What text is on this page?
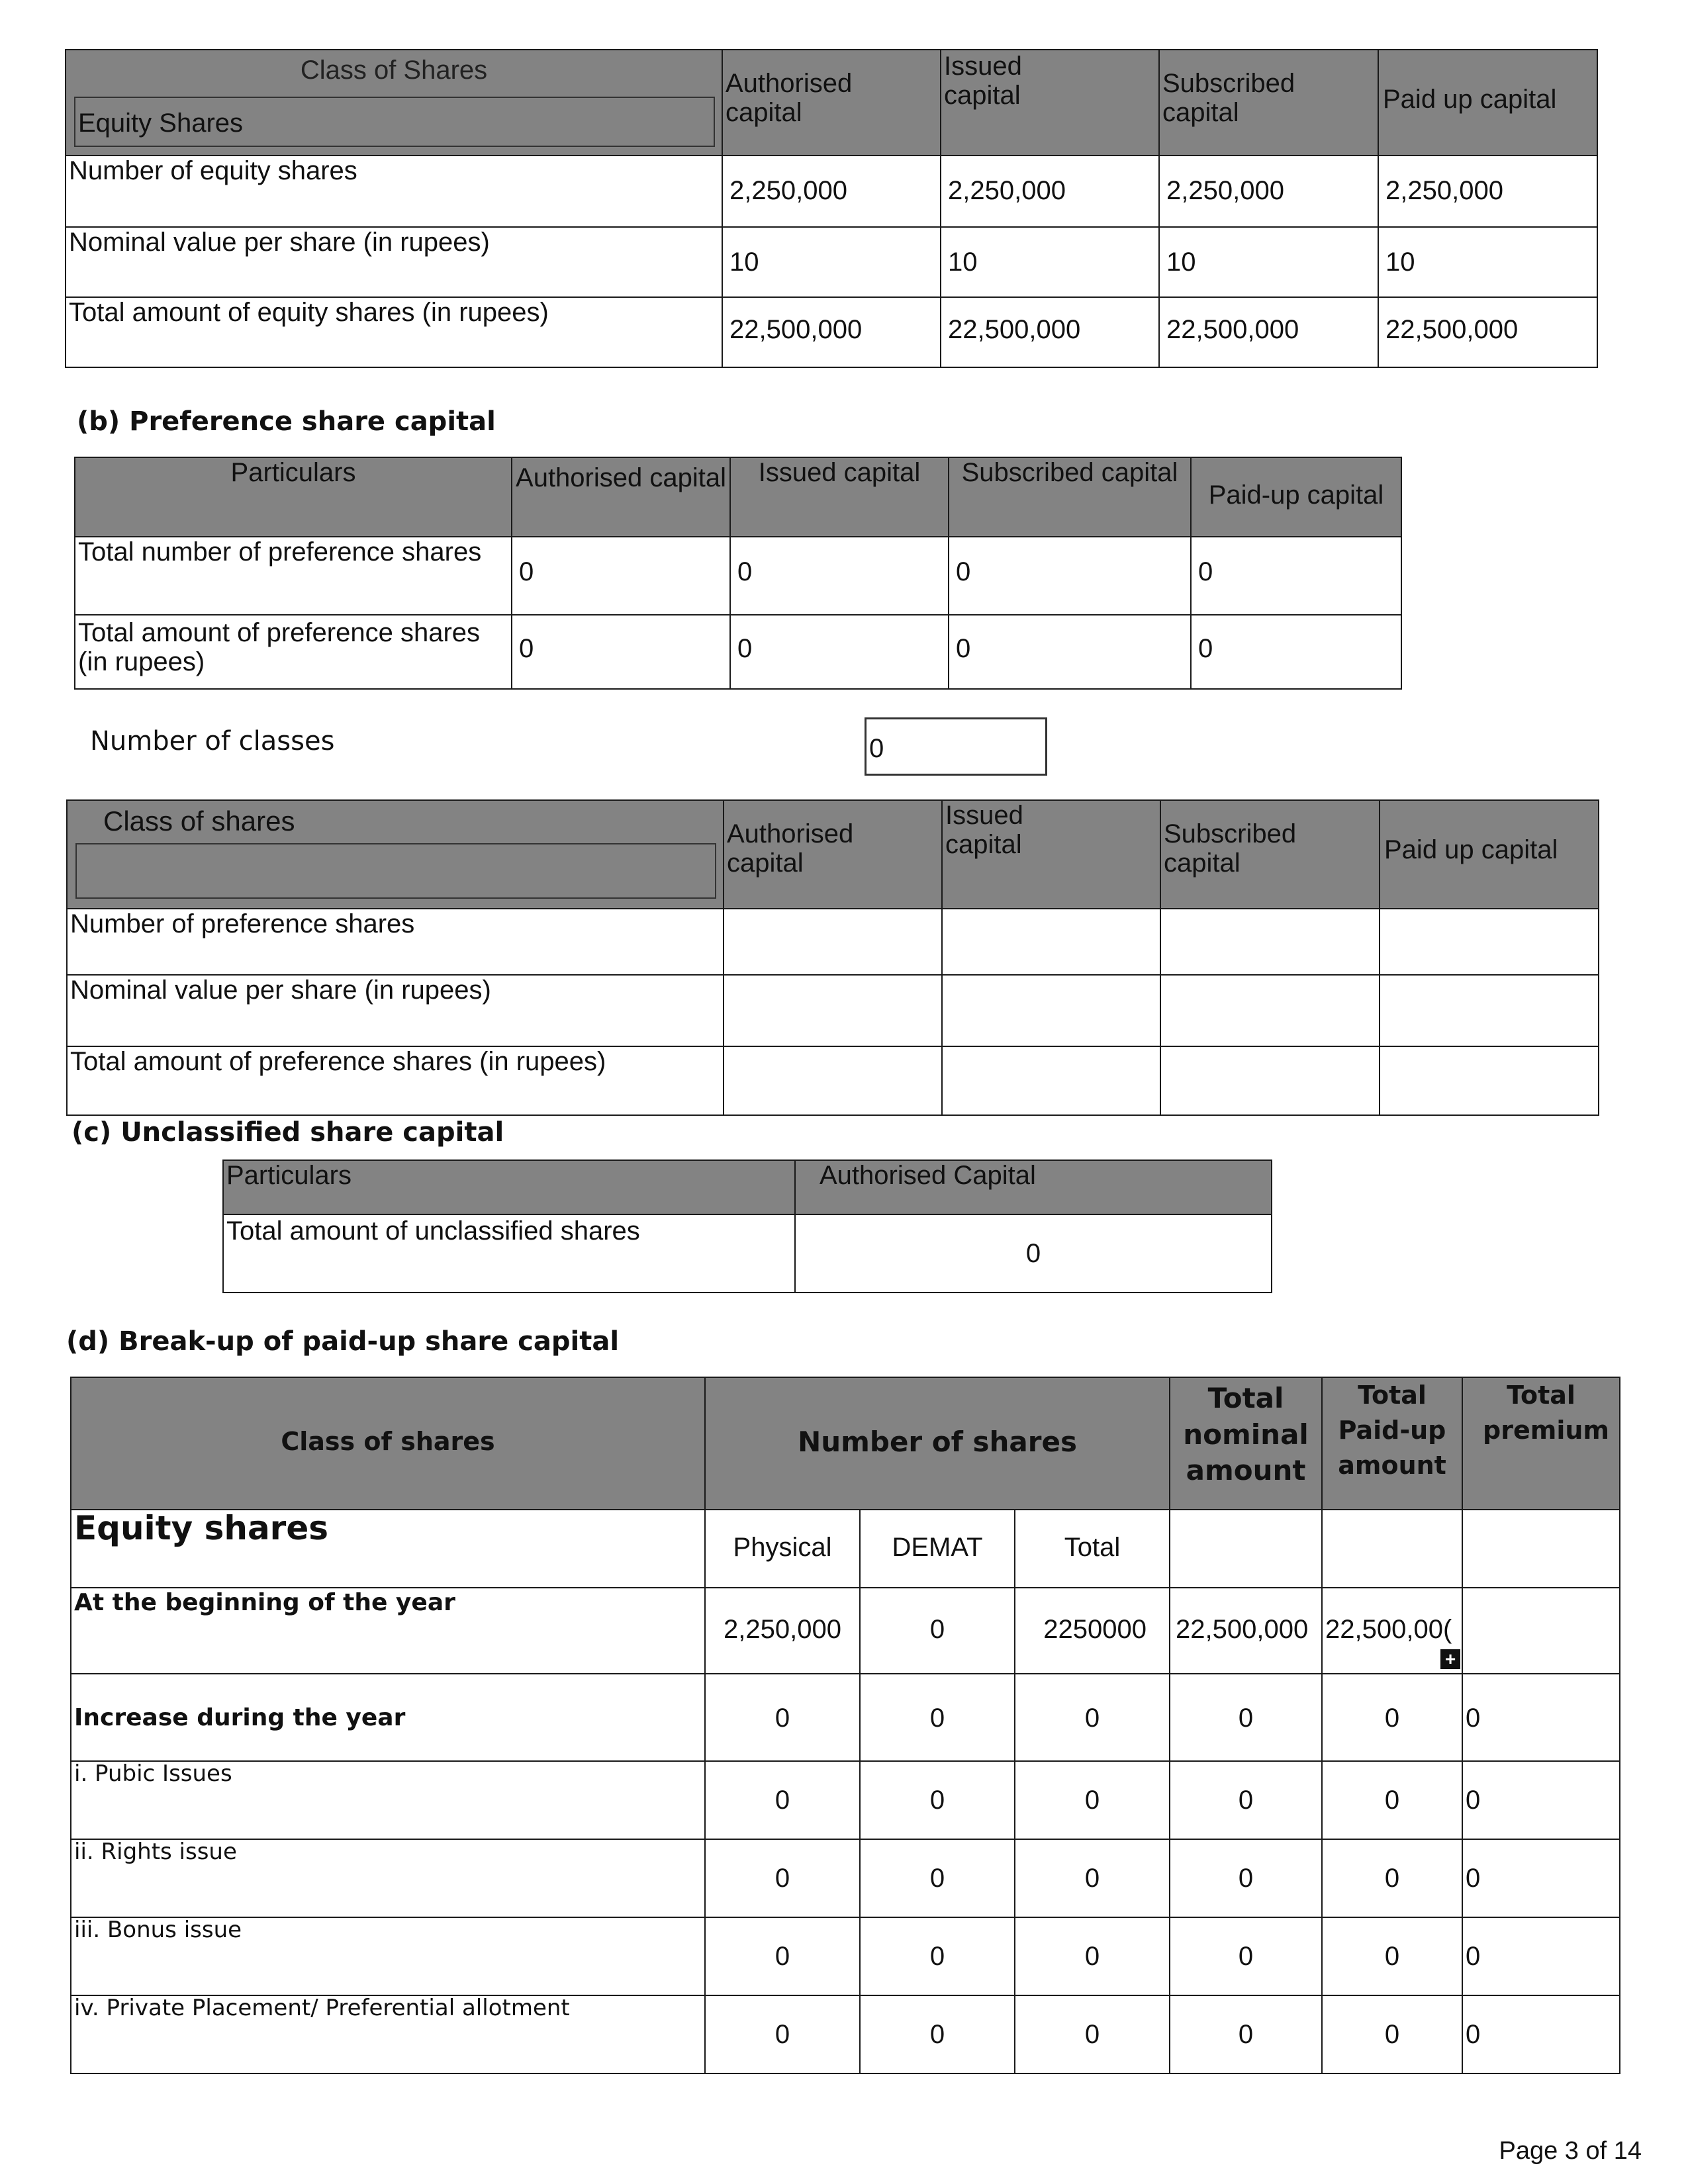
Class of Shares
Equity Shares	Authorised capital	Issued capital	Subscribed capital	Paid up capital

Number of equity shares	2,250,000	2,250,000	2,250,000	2,250,000

Nominal value per share (in rupees)	10	10	10	10

Total amount of equity shares (in rupees)	22,500,000	22,500,000	22,500,000	22,500,000
(b) Preference share capital
Particulars	Authorised capital	Issued capital	Subscribed capital	Paid-up capital

Total number of preference shares	0	0	0	0

Total amount of preference shares (in rupees)	0	0	0	0
Number of classes	0
Class of shares	Authorised capital	Issued capital	Subscribed capital	Paid up capital

Number of preference shares				

Nominal value per share (in rupees)				

Total amount of preference shares (in rupees)				

(c) Unclassified share capital
Particulars	Authorised Capital

Total amount of unclassified shares	0
(d) Break-up of paid-up share capital
Class of shares	Number of shares			Total nominal amount	Total Paid-up amount	Total premium

Equity shares	Physical	DEMAT	Total			

At the beginning of the year	2,250,000	0	2250000	22,500,000	22,500,00(
+	

Increase during the year	0	0	0	0	0	0

i. Pubic Issues	0	0	0	0	0	0

ii. Rights issue	0	0	0	0	0	0

iii. Bonus issue	0	0	0	0	0	0

iv. Private Placement/ Preferential allotment	0	0	0	0	0	0
Page 3 of 14
